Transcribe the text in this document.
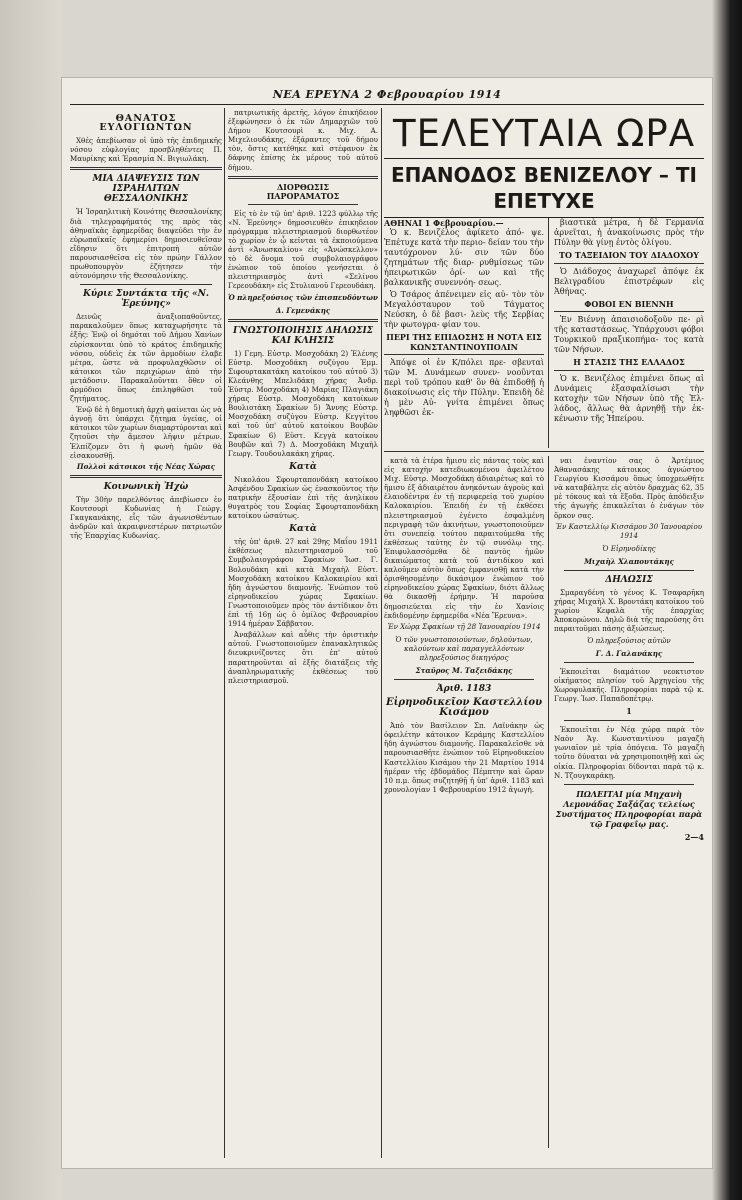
ΝΕΑ ΕΡΕΥΝΑ 2 Φεβρουαρίου 1914
ΘΑΝΑΤΟΣ ΕΥΛΟΓΙΩΝΤΩΝ
Χθές ἀπεβίωσαν οἱ ὑπὸ τῆς ἐπιδημικῆς νόσου εὐφλογίας προσβληθέντες Π. Μαυρίκης καὶ Ἐρασμία Ν. Βιγιωλάκη.
ΜΙΑ ΔΙΑΨΕΥΣΙΣ ΤΩΝ ΙΣΡΑΗΛΙΤΩΝ ΘΕΣΣΑΛΟΝΙΚΗΣ
Ἡ Ἰσραηλιτικὴ Κοινότης Θεσσαλονίκης διὰ τηλεγραφήματός της πρὸς τὰς ἀθηναϊκὰς ἐφημερίδας διαψεύδει τὴν ἐν εὐρωπαϊκαῖς ἐφημερίσι δημοσιευθεῖσαν εἴδησιν ὅτι ἐπιτροπὴ αὐτῶν παρουσιασθεῖσα εἰς τὸν πρώην Γάλλον πρωθυπουργὸν ἐζήτησεν τὴν αὐτονόμησιν τῆς Θεσσαλονίκης.
Κύριε Συντάκτα τῆς «Ν. Ἐρεύνης»
Δεινῶς ἀναξιοπαθοῦντες, παρακαλοῦμεν ὅπως καταχωρήσητε τὰ ἑξῆς: Ἐνῷ οἱ δημόται τοῦ Δήμου Χανίων εὑρίσκονται ὑπὸ τὸ κράτος ἐπιδημικῆς νόσου, οὐδεὶς ἐκ τῶν ἁρμοδίων ἐλαβε μέτρα, ὥστε νὰ προφυλαχθῶσιν οἱ κάτοικοι τῶν περιχώρων ἀπὸ τὴν μετάδοσιν. Παρακαλοῦνται ὅθεν οἱ ἁρμόδιοι ὅπως ἐπιληφθῶσι τοῦ ζητήματος.
Ἐνῷ δὲ ἡ δημοτικὴ ἀρχὴ φαίνεται ὡς νὰ ἀγνοῇ ὅτι ὑπάρχει ζήτημα ὑγείας, οἱ κάτοικοι τῶν χωρίων διαμαρτύρονται καὶ ζητοῦσι τὴν ἄμεσον λῆψιν μέτρων. Ἐλπίζομεν ὅτι ἡ φωνὴ ἡμῶν θὰ εἰσακουσθῇ.
Πολλοὶ κάτοικοι τῆς Νέας Χώρας
Κοινωνικὴ Ἠχὼ
Τὴν 30ὴν παρελθόντος ἀπεβίωσεν ἐν Κουτσουρὶ Κυδωνίας ἡ Γεώργ. Γκαγκανάκης, εἷς τῶν ἀγωνισθέντων ἀνδρῶν καὶ ἀκραιφνεστέρων πατριωτῶν τῆς Ἐπαρχίας Κυδωνίας.
πατριωτικῆς ἀρετῆς, λόγον ἐπικήδειον ἐξεφώνησεν ὁ ἐκ τῶν Δημαρχιῶν τοῦ Δήμου Κουτσουρὶ κ. Μιχ. Α. Μιχελιουδάκης, ἐξάραντες τοῦ δήμου τὸν, ὅστις κατέθηκε καὶ στέφανον ἐκ δάφνης ἐπίσης ἐκ μέρους τοῦ αὐτοῦ δήμου.
ΔΙΟΡΘΩΣΙΣ ΠΑΡΟΡΑΜΑΤΟΣ
Εἰς τὸ ἐν τῷ ὑπ' ἀριθ. 1223 φύλλῳ τῆς «Ν. Ἐρεύνης» δημοσιευθὲν ἐπικηδειον πρόγραμμα πλειστηριασμοῦ διορθωτέον τὸ χωρίον ἐν ᾧ κεῖνται τὰ ἐκποιούμενα ἀντὶ «Ἀνωσκαλίου» εἰς «Ἀνώσκελλον» τὸ δὲ ὄνομα τοῦ συμβολαιογράφου ἐνώπιον τοῦ ὁποίου γενήσεται ὁ πλειστηριασμὸς ἀντὶ «Σελίνου Γερεουδάκη» εἰς Στυλιανοῦ Γερεουδάκη.
Ὁ πληρεξούσιος τῶν ἐπισπευδόντων
Δ. Γεμενάκης
ΓΝΩΣΤΟΠΟΙΗΣΙΣ ΔΗΛΩΣΙΣ ΚΑΙ ΚΛΗΣΙΣ
1) Γεμη. Εὐστρ. Μοσχοδάκη 2) Ἑλένης Εὐστρ. Μοσχοδάκη συζύγου Ἐμμ. Σιφουρτακατάκη κατοίκου τοῦ αὐτοῦ 3) Κλεάνθης Μπελιδάκη χήρας Ἀνδρ. Ἐύστρ. Μοσχοδάκη 4) Μαρίας Πλαγιάκη χήρας Εὐστρ. Μοσχοδάκη κατοίκων Βουλιοτάκη Σφακίων 5) Ἄννης Εὐστρ. Μοσχοδάκη συζύγου Εὐστρ. Κεγγίτου καὶ τοῦ ὑπ' αὐτοῦ κατοίκου Βουβῶν Σφακίων 6) Εὐστ. Κεγγὰ κατοίκου Βουβῶν καὶ 7) Δ. Μοσχοδάκη Μιχαὴλ Γεωργ. Τουδουλακάκη χήρας.
Κατὰ
Νικολάου Σφουρταπονδάκη κατοίκου Ἀσφένδου Σφακίων ὡς ἐνασκοῦντος τὴν πατρικὴν ἐξουσίαν ἐπὶ τῆς ἀνηλίκου θυγατρὸς του Σοφίας Σφουρταπονδάκη κατοίκου ὡσαύτως.
Κατὰ
τῆς ὑπ' ἀριθ. 27 καὶ 29ης Μαΐου 1911 ἐκθέσεως πλειστηριασμοῦ τοῦ Συμβολαιογράφου Σφακίων Ἰωσ. Γ. Βολουδάκη καὶ κατὰ Μιχαὴλ Εὐστ. Μοσχοδάκη κατοίκου Καλοκαιρίου καὶ ἤδη ἀγνώστου διαμονῆς. Ἐνώπιον τοῦ εἰρηνοδικείου χώρας Σφακίων. Γνωστοποιοῦμεν πρὸς τὸν ἀντίδικον ὅτι ἐπὶ τῇ 16ῃ ὡς ὁ ὁμίλος Φεβρουαρίου 1914 ἡμέραν Σάββατον.
Ἀναβάλλων καὶ αὖθις τὴν ὁριστικὴν αὐτοῦ. Γνωστοποιοῦμεν ἐπανακλητικῶς διευκρινίζοντες ὅτι ἐπ' αὐτοῦ παρατηροῦνται αἱ ἑξῆς διατάξεις τῆς ἀναπληρωματικῆς ἐκθέσεως τοῦ πλειστηριασμοῦ.
ΤΕΛΕΥΤΑΙΑ ΩΡΑ
ΕΠΑΝΟΔΟΣ ΒΕΝΙΖΕΛΟΥ – ΤΙ ΕΠΕΤΥΧΕ
ΑΘΗΝΑΙ 1 Φεβρουαρίου.—
Ὁ κ. Βενιζέλος ἀφίκετο ἀπό- ψε. Ἐπέτυχε κατὰ τὴν περιο- δείαν του τὴν ταυτόχρονον λύ- σιν τῶν δύο ζητημάτων τῆς διαρ- ρυθμίσεως τῶν ἠπειρωτικῶν ὁρί- ων καὶ τῆς βαλκανικῆς συνεννόη- σεως.
Ὁ Τσάρος ἀπένειμεν εἰς αὐ- τὸν τὸν Μεγαλόσταυρον τοῦ Τάγματος Νεύσκη, ὁ δὲ βασι- λεὺς τῆς Σερβίας τὴν φωτογρα- φίαν του.
ΠΕΡΙ ΤΗΣ ΕΠΙΔΟΣΗΣ Η ΝΟΤΑ ΕΙΣ ΚΩΝΣΤΑΝΤΙΝΟΥΠΟΛΙΝ
Ἀπόψε οἱ ἐν Κ/πόλει πρε- σβευταὶ τῶν Μ. Δυνάμεων συνεν- νοοῦνται περὶ τοῦ τρόπου καθ' ὃν θὰ ἐπιδοθῇ ἡ διακοίνωσις εἰς τὴν Πύλην. Ἐπειδὴ δὲ ἡ μὲν Αὐ- γνίτα ἐπιμένει ὅπως ληφθῶσι ἐκ-
βιαστικὰ μέτρα, ἡ δὲ Γερμανία ἀρνεῖται, ἡ ἀνακοίνωσις πρὸς τὴν Πύλην θὰ γίνῃ ἐντὸς ὀλίγου.
ΤΟ ΤΑΞΕΙΔΙΟΝ ΤΟΥ ΔΙΑΔΟΧΟΥ
Ὁ Διάδοχος ἀναχωρεῖ ἀπόψε ἐκ Βελιγραδίου ἐπιστρέφων εἰς Ἀθήνας.
ΦΟΒΟΙ ΕΝ ΒΙΕΝΝΗ
Ἐν Βιέννῃ ἀπαισιοδοξοῦν πε- ρὶ τῆς καταστάσεως. Ὑπάρχουσι φόβοι Τουρκικοῦ πραξικοπήμα- τος κατὰ τῶν Νήσων.
Η ΣΤΑΣΙΣ ΤΗΣ ΕΛΛΑΔΟΣ
Ὁ κ. Βενιζέλος ἐπιμένει ὅπως αἱ Δυνάμεις ἐξασφαλίσωσι τὴν κατοχὴν τῶν Νήσων ὑπὸ τῆς Ἑλ- λάδος, ἄλλως θὰ ἀρνηθῇ τὴν ἐκ- κένωσιν τῆς Ἠπείρου.
κατὰ τὰ ἑτέρα ἥμισυ εἰς πάντας τοὺς καὶ εἰς κατοχὴν κατεδιωκομένου ἀφειλέτου Μιχ. Εὐστρ. Μοσχοδάκη ἀδιαιρέτως καὶ τὸ ἥμισυ ἐξ ἀδιαιρέτου ἀνηκόντων ἀγροὺς καὶ ἐλαιοδέντρα ἐν τῇ περιφερείᾳ τοῦ χωρίου Καλοκαιρίου. Ἐπειδὴ ἐν τῇ ἐκθέσει πλειστηριασμοῦ ἐγένετο ἐσφαλμένη περιγραφὴ τῶν ἀκινήτων, γνωστοποιοῦμεν ὅτι συνεπείᾳ τούτου παραιτούμεθα τῆς ἐκθέσεως ταύτης ἐν τῷ συνόλῳ της. Ἐπιφυλασσόμεθα δὲ παντὸς ἡμῶν δικαιώματος κατὰ τοῦ ἀντιδίκου καὶ καλοῦμεν αὐτὸν ὅπως ἐμφανισθῇ κατὰ τὴν ὁρισθησομένην δικάσιμον ἐνώπιον τοῦ εἰρηνοδικείου χώρας Σφακίων, διότι ἄλλως θὰ δικασθῇ ἐρήμην. Ἡ παροῦσα δημοσιεύεται εἰς τὴν ἐν Χανίοις ἐκδιδομένην ἐφημερίδα «Νέα Ἔρευνα».
Ἐν Χώρᾳ Σφακίων τῇ 28 Ἰανουαρίου 1914
Ὁ τῶν γνωστοποιούντων, δηλούντων, καλούντων καὶ παραγγελλόντων πληρεξούσιος δικηγόρος
Σταῦρος Μ. Ταξειδάκης
Ἀριθ. 1183
Εἰρηνοδικεῖον Καστελλίου Κισάμου
Ἀπὸ τὸν Βασίλειον Σπ. Λαϊνάκην ὡς ὀφειλέτην κάτοικον Κεράμης Καστελλίου ἤδη ἀγνώστου διαμονῆς. Παρακαλεῖσθε νὰ παρουσιασθῆτε ἐνώπιον τοῦ Εἰρηνοδικείου Καστελλίου Κισάμου τὴν 21 Μαρτίου 1914 ἡμέραν τῆς ἑβδομάδος Πέμπτην καὶ ὥραν 10 π.μ. ὅπως συζητηθῇ ἡ ὑπ' ἀριθ. 1183 καὶ χρονολογίαν 1 Φεβρουαρίου 1912 ἀγωγὴ.
ναι ἐναντίον σας ὁ Ἀρτέμιος Ἀθανασάκης κάτοικος ἀγνώστου Γεωργίου Κισσάμου ὅπως ὑποχρεωθῆτε νὰ καταβάλητε εἰς αὐτὸν δραχμὰς 62, 35 μὲ τόκους καὶ τὰ ἔξοδα. Πρὸς ἀπόδειξιν τῆς ἀγωγῆς ἐπικαλεῖται ὁ ἐνάγων τὸν ὅρκον σας.
Ἐν Καστελλίῳ Κισσάμου 30 Ἰανουαρίου 1914
Ὁ Εἰρηνοδίκης
Μιχαὴλ Χλαπουτάκης
ΔΗΛΩΣΙΣ
Σμαραγδένη τὸ γένος Κ. Τσαφαρῆκη χήρας Μιχαὴλ Χ. Βροντάκη κατοίκου τοῦ χωρίου Κεφαλὰ τῆς ἐπαρχίας Ἀποκορώνου. Δηλῶ διὰ τῆς παρούσης ὅτι παραιτοῦμαι πάσης ἀξιώσεως.
Ὁ πληρεξούσιος αὐτῶν
Γ. Δ. Γαλανάκης
Ἐκποιεῖται διαμάτιον νεοκτιστον οἰκήματος πλησίον τοῦ Ἀρχηγείου τῆς Χωροφυλακῆς. Πληροφορίαι παρὰ τῷ κ. Γεωργ. Ἰωσ. Παπαδοπέτρῳ.
1
Ἐκποιεῖται ἐν Νέᾳ χώρᾳ παρὰ τὸν Ναὸν Ἁγ. Κωνσταντίνου μαγαζὴ γωνιαῖον μὲ τρία ὀπόγεια. Τὸ μαγαζὴ τοῦτο δύναται νὰ χρησιμοποιηθῇ καὶ ὡς οἰκία. Πληροφορίαι δίδονται παρὰ τῷ κ. Ν. Τζουγκαράκῃ.
ΠΩΛΕΙΤΑΙ μία Μηχανὴ Λεμονάδας Σαξάζας τελείως Συστήματος Πληροφορίαι παρὰ τῷ Γραφεῖῳ μας.
2—4
